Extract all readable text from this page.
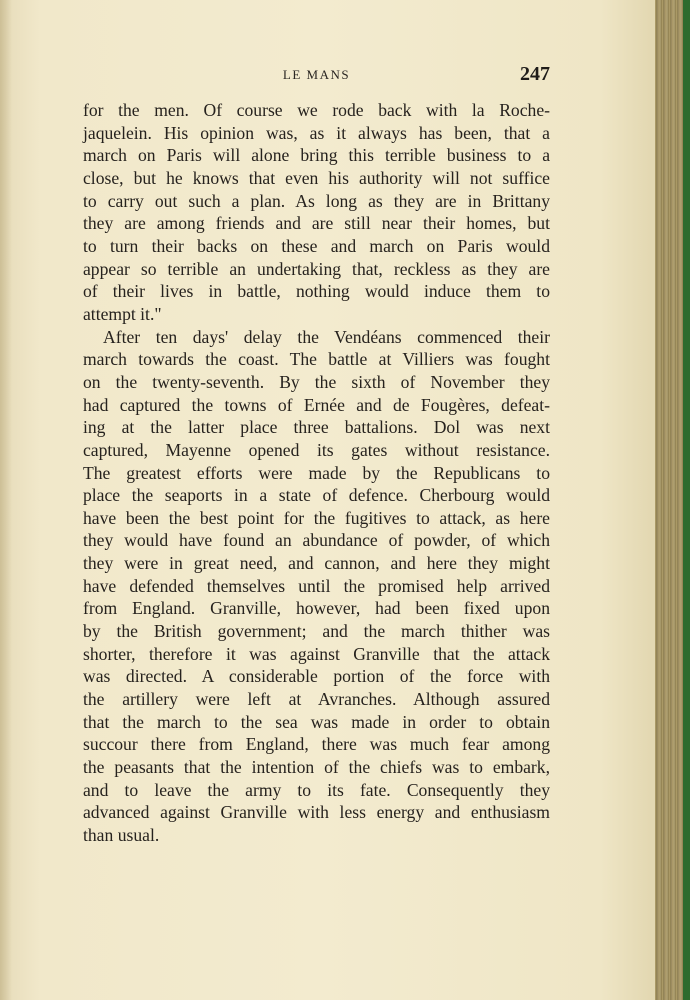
LE MANS	247
for the men. Of course we rode back with la Roche-
jaquelein. His opinion was, as it always has been, that a
march on Paris will alone bring this terrible business to a
close, but he knows that even his authority will not suffice
to carry out such a plan. As long as they are in Brittany
they are among friends and are still near their homes, but
to turn their backs on these and march on Paris would
appear so terrible an undertaking that, reckless as they are
of their lives in battle, nothing would induce them to
attempt it."
After ten days' delay the Vendéans commenced their
march towards the coast. The battle at Villiers was fought
on the twenty-seventh. By the sixth of November they
had captured the towns of Ernée and de Fougères, defeat-
ing at the latter place three battalions. Dol was next
captured, Mayenne opened its gates without resistance.
The greatest efforts were made by the Republicans to
place the seaports in a state of defence. Cherbourg would
have been the best point for the fugitives to attack, as here
they would have found an abundance of powder, of which
they were in great need, and cannon, and here they might
have defended themselves until the promised help arrived
from England. Granville, however, had been fixed upon
by the British government; and the march thither was
shorter, therefore it was against Granville that the attack
was directed. A considerable portion of the force with
the artillery were left at Avranches. Although assured
that the march to the sea was made in order to obtain
succour there from England, there was much fear among
the peasants that the intention of the chiefs was to embark,
and to leave the army to its fate. Consequently they
advanced against Granville with less energy and enthusiasm
than usual.
